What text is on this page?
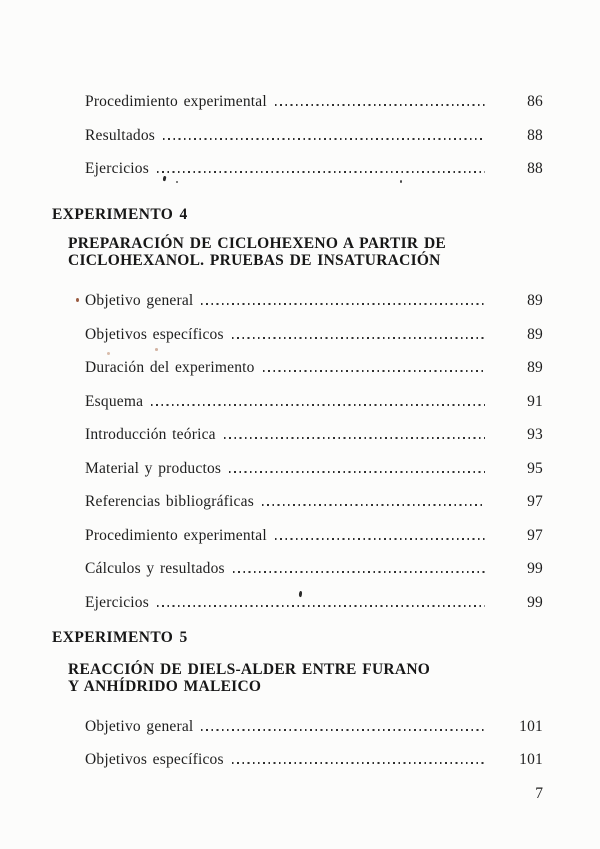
Procedimiento experimental	86
Resultados	88
Ejercicios	88
EXPERIMENTO 4
PREPARACIÓN DE CICLOHEXENO A PARTIR DE
CICLOHEXANOL. PRUEBAS DE INSATURACIÓN
Objetivo general	89
Objetivos específicos	89
Duración del experimento	89
Esquema	91
Introducción teórica	93
Material y productos	95
Referencias bibliográficas	97
Procedimiento experimental	97
Cálculos y resultados	99
Ejercicios	99
EXPERIMENTO 5
REACCIÓN DE DIELS-ALDER ENTRE FURANO
Y ANHÍDRIDO MALEICO
Objetivo general	101
Objetivos específicos	101
7
